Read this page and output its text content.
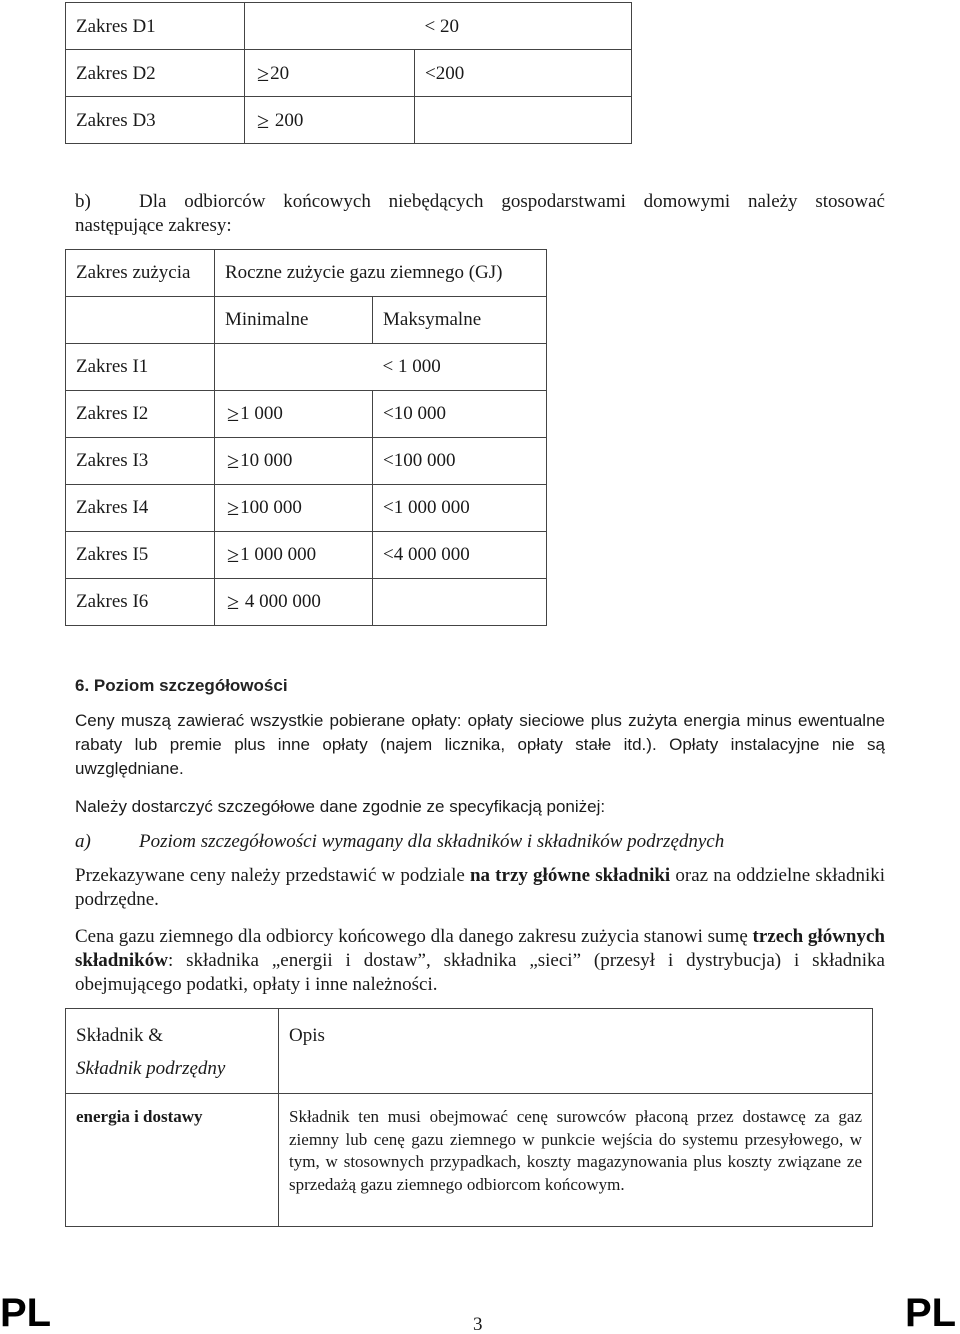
Zakres D1		< 20
Zakres D2	≥20	<200
Zakres D3	≥ 200	

b)	Dla odbiorców końcowych niebędących gospodarstwami domowymi należy stosować następujące zakresy:

Zakres zużycia	Roczne zużycie gazu ziemnego (GJ)	
	Minimalne	Maksymalne
Zakres I1		< 1 000
Zakres I2	≥1 000	<10 000
Zakres I3	≥10 000	<100 000
Zakres I4	≥100 000	<1 000 000
Zakres I5	≥1 000 000	<4 000 000
Zakres I6	≥ 4 000 000	
6. Poziom szczegółowości

Ceny muszą zawierać wszystkie pobierane opłaty: opłaty sieciowe plus zużyta energia minus ewentualne rabaty lub premie plus inne opłaty (najem licznika, opłaty stałe itd.). Opłaty instalacyjne nie są uwzględniane.

Należy dostarczyć szczegółowe dane zgodnie ze specyfikacją poniżej:

a)	Poziom szczegółowości wymagany dla składników i składników podrzędnych

Przekazywane ceny należy przedstawić w podziale na trzy główne składniki oraz na oddzielne składniki podrzędne.

Cena gazu ziemnego dla odbiorcy końcowego dla danego zakresu zużycia stanowi sumę trzech głównych składników: składnika „energii i dostaw”, składnika „sieci” (przesył i dystrybucja) i składnika obejmującego podatki, opłaty i inne należności.

Składnik &
Składnik podrzędny	Opis

energia i dostawy	Składnik ten musi obejmować cenę surowców płaconą przez dostawcę za gaz ziemny lub cenę gazu ziemnego w punkcie wejścia do systemu przesyłowego, w tym, w stosownych przypadkach, koszty magazynowania plus koszty związane ze sprzedażą gazu ziemnego odbiorcom końcowym.
PL	3	PL
